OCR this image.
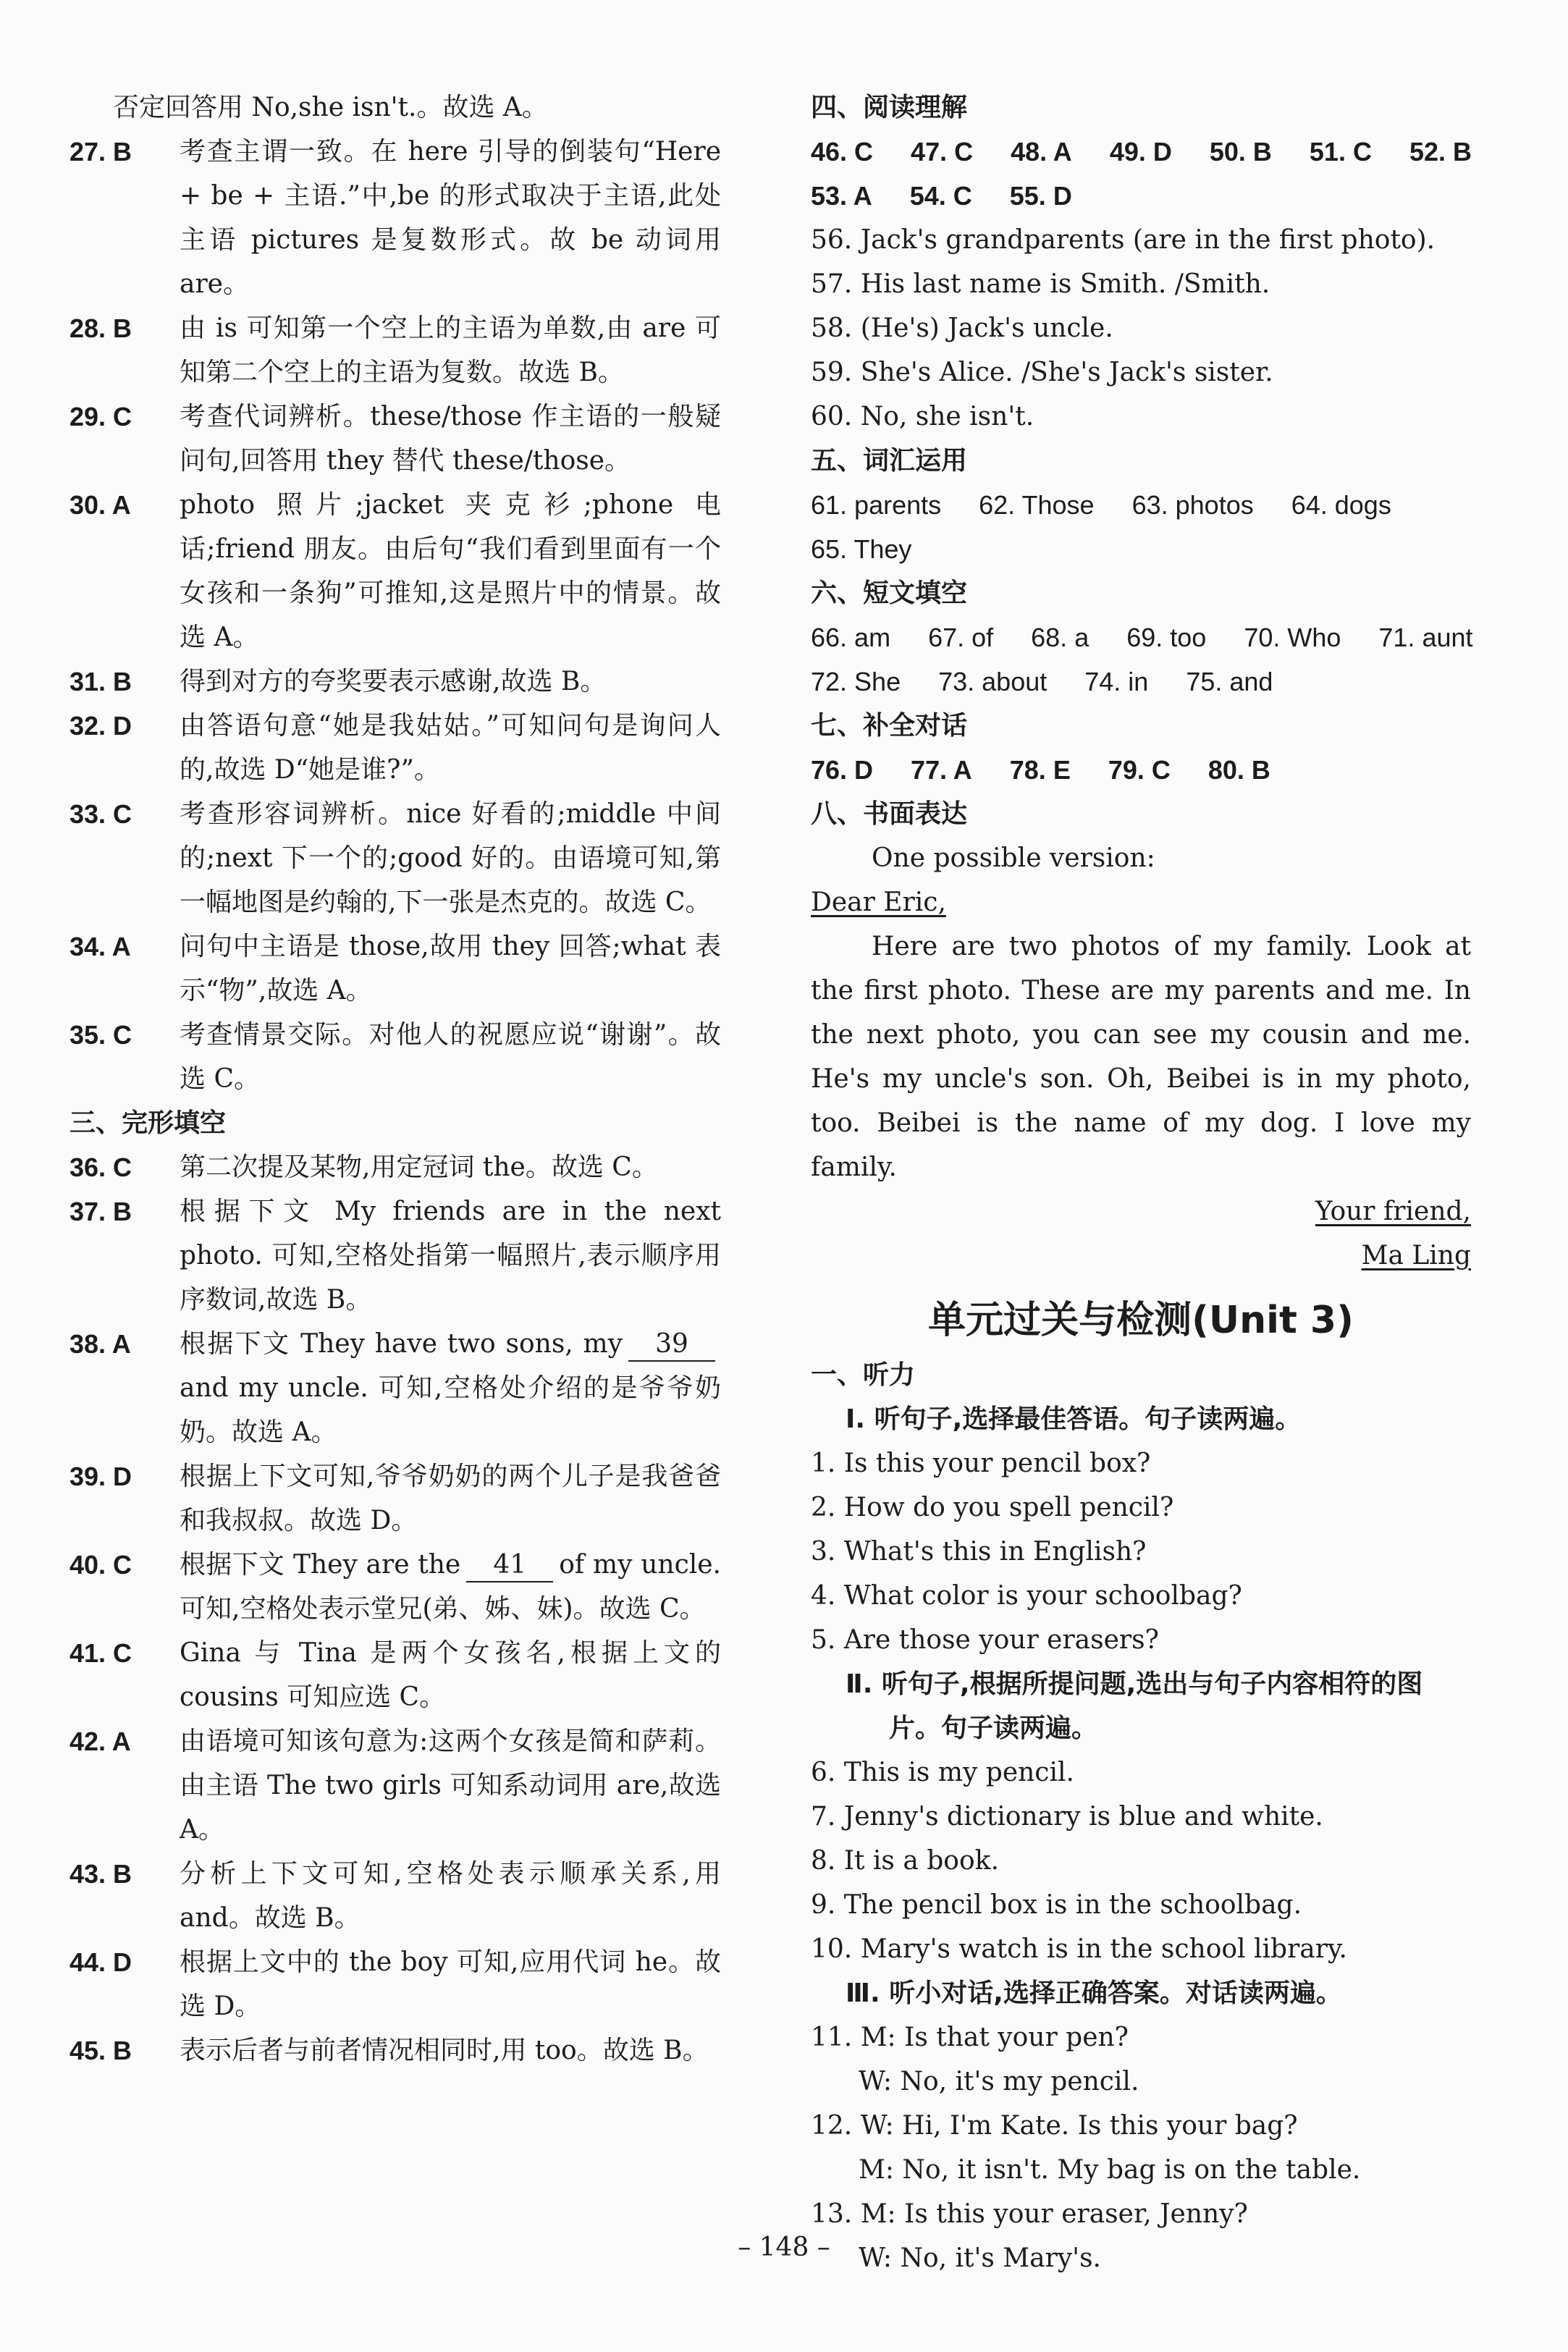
否定回答用 No,she isn't.。故选 A。
27. B	考查主谓一致。在 here 引导的倒装句“Here + be + 主语.”中,be 的形式取决于主语,此处主语 pictures 是复数形式。故 be 动词用 are。
28. B	由 is 可知第一个空上的主语为单数,由 are 可知第二个空上的主语为复数。故选 B。
29. C	考查代词辨析。these/those 作主语的一般疑问句,回答用 they 替代 these/those。
30. A	photo 照片;jacket 夹克衫;phone 电话;friend 朋友。由后句“我们看到里面有一个女孩和一条狗”可推知,这是照片中的情景。故选 A。
31. B	得到对方的夸奖要表示感谢,故选 B。
32. D	由答语句意“她是我姑姑。”可知问句是询问人的,故选 D“她是谁?”。
33. C	考查形容词辨析。nice 好看的;middle 中间的;next 下一个的;good 好的。由语境可知,第一幅地图是约翰的,下一张是杰克的。故选 C。
34. A	问句中主语是 those,故用 they 回答;what 表示“物”,故选 A。
35. C	考查情景交际。对他人的祝愿应说“谢谢”。故选 C。
三、完形填空
36. C	第二次提及某物,用定冠词 the。故选 C。
37. B	根据下文 My friends are in the next photo. 可知,空格处指第一幅照片,表示顺序用序数词,故选 B。
38. A	根据下文 They have two sons, my 39and my uncle. 可知,空格处介绍的是爷爷奶奶。故选 A。
39. D	根据上下文可知,爷爷奶奶的两个儿子是我爸爸和我叔叔。故选 D。
40. C	根据下文 They are the 41 of my uncle. 可知,空格处表示堂兄(弟、姊、妹)。故选 C。
41. C	Gina 与 Tina 是两个女孩名,根据上文的 cousins 可知应选 C。
42. A	由语境可知该句意为:这两个女孩是简和萨莉。由主语 The two girls 可知系动词用 are,故选 A。
43. B	分析上下文可知,空格处表示顺承关系,用 and。故选 B。
44. D	根据上文中的 the boy 可知,应用代词 he。故选 D。
45. B	表示后者与前者情况相同时,用 too。故选 B。
四、阅读理解
46. C 47. C 48. A 49. D 50. B 51. C 52. B
53. A 54. C 55. D
56. Jack's grandparents (are in the first photo).
57. His last name is Smith. /Smith.
58. (He's) Jack's uncle.
59. She's Alice. /She's Jack's sister.
60. No, she isn't.
五、词汇运用
61. parents 62. Those 63. photos 64. dogs
65. They
六、短文填空
66. am 67. of 68. a 69. too 70. Who 71. aunt
72. She 73. about 74. in 75. and
七、补全对话
76. D 77. A 78. E 79. C 80. B
八、书面表达
One possible version:
Dear Eric,
Here are two photos of my family. Look at the first photo. These are my parents and me. In the next photo, you can see my cousin and me. He's my uncle's son. Oh, Beibei is in my photo, too. Beibei is the name of my dog. I love my family.
Your friend,
Ma Ling
单元过关与检测(Unit 3)
一、听力
Ⅰ. 听句子,选择最佳答语。句子读两遍。
1. Is this your pencil box?
2. How do you spell pencil?
3. What's this in English?
4. What color is your schoolbag?
5. Are those your erasers?
Ⅱ. 听句子,根据所提问题,选出与句子内容相符的图片。句子读两遍。
6. This is my pencil.
7. Jenny's dictionary is blue and white.
8. It is a book.
9. The pencil box is in the schoolbag.
10. Mary's watch is in the school library.
Ⅲ. 听小对话,选择正确答案。对话读两遍。
11. M: Is that your pen?
W: No, it's my pencil.
12. W: Hi, I'm Kate. Is this your bag?
M: No, it isn't. My bag is on the table.
13. M: Is this your eraser, Jenny?
W: No, it's Mary's.
– 148 –
